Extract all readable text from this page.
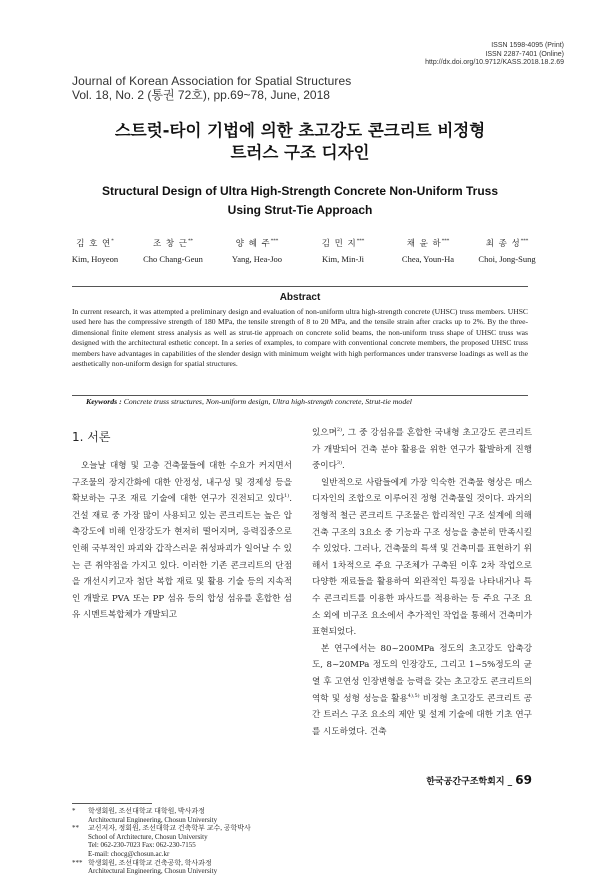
ISSN 1598-4095 (Print)
ISSN 2287-7401 (Online)
http://dx.doi.org/10.9712/KASS.2018.18.2.69
Journal of Korean Association for Spatial Structures
Vol. 18, No. 2 (통권 72호), pp.69~78, June, 2018
스트럿-타이 기법에 의한 초고강도 콘크리트 비정형
트러스 구조 디자인
Structural Design of Ultra High-Strength Concrete Non-Uniform Truss
Using Strut-Tie Approach
김 호 연*
Kim, Hoyeon
조 창 근**
Cho Chang-Geun
양 혜 주***
Yang, Hea-Joo
김 민 지***
Kim, Min-Ji
채 윤 하***
Chea, Youn-Ha
최 종 성***
Choi, Jong-Sung
Abstract
In current research, it was attempted a preliminary design and evaluation of non-uniform ultra high-strength concrete (UHSC) truss members. UHSC used here has the compressive strength of 180 MPa, the tensile strength of 8 to 20 MPa, and the tensile strain after cracks up to 2%. By the three-dimensional finite element stress analysis as well as strut-tie approach on concrete solid beams, the non-uniform truss shape of UHSC truss was designed with the architectural esthetic concept. In a series of examples, to compare with conventional concrete members, the proposed UHSC truss members have advantages in capabilities of the slender design with minimum weight with high performances under transverse loadings as well as the aesthetically non-uniform design for spatial structures.
Keywords : Concrete truss structures, Non-uniform design, Ultra high-strength concrete, Strut-tie model
1. 서론

오늘날 대형 및 고층 건축물들에 대한 수요가 커지면서 구조물의 장지간화에 대한 안정성, 내구성 및 경제성 등을 확보하는 구조 재료 기술에 대한 연구가 진전되고 있다$^{1)}$. 건설 재료 중 가장 많이 사용되고 있는 콘크리트는 높은 압축강도에 비해 인장강도가 현저히 떨어지며, 응력집중으로 인해 국부적인 파괴와 갑작스러운 취성파괴가 일어날 수 있는 큰 취약점을 가지고 있다. 이러한 기존 콘크리트의 단점을 개선시키고자 첨단 복합 재료 및 활용 기술 등의 지속적인 개발로 PVA 또는 PP 섬유 등의 합성 섬유를 혼합한 섬유 시멘트복합체가 개발되고

있으며$^{2)}$, 그 중 강섬유를 혼합한 국내형 초고강도 콘크리트가 개발되어 건축 분야 활용을 위한 연구가 활발하게 진행 중이다$^{3)}$.

일반적으로 사람들에게 가장 익숙한 건축물 형상은 매스디자인의 조합으로 이루어진 정형 건축물일 것이다. 과거의 정형적 철근 콘크리트 구조물은 합리적인 구조 설계에 의해 건축 구조의 3요소 중 기능과 구조 성능을 충분히 만족시킬 수 있었다. 그러나, 건축물의 특색 및 건축미를 표현하기 위해서 1차적으로 주요 구조체가 구축된 이후 2차 작업으로 다양한 재료들을 활용하여 외관적인 특징을 나타내거나 특수 콘크리트를 이용한 파사드를 적용하는 등 주요 구조 요소 외에 비구조 요소에서 추가적인 작업을 통해서 건축미가 표현되었다.

본 연구에서는 80~200MPa 정도의 초고강도 압축강도, 8~20MPa 정도의 인장강도, 그리고 1~5%정도의 균열 후 고연성 인장변형을 능력을 갖는 초고강도 콘크리트의 역학 및 성형 성능을 활용$^{4),5)}$ 비정형 초고강도 콘크리트 공간 트러스 구조 요소의 제안 및 설계 기술에 대한 기초 연구를 시도하였다. 건축

*	학생회원, 조선대학교 대학원, 박사과정
Architectural Engineering, Chosun University
**	교신저자, 정회원, 조선대학교 건축학부 교수, 공학박사
School of Architecture, Chosun University
Tel: 062-230-7023 Fax: 062-230-7155
E-mail: chocg@chosun.ac.kr
*** 학생회원, 조선대학교 건축공학, 학사과정
Architectural Engineering, Chosun University
한국공간구조학회지 _ 69
